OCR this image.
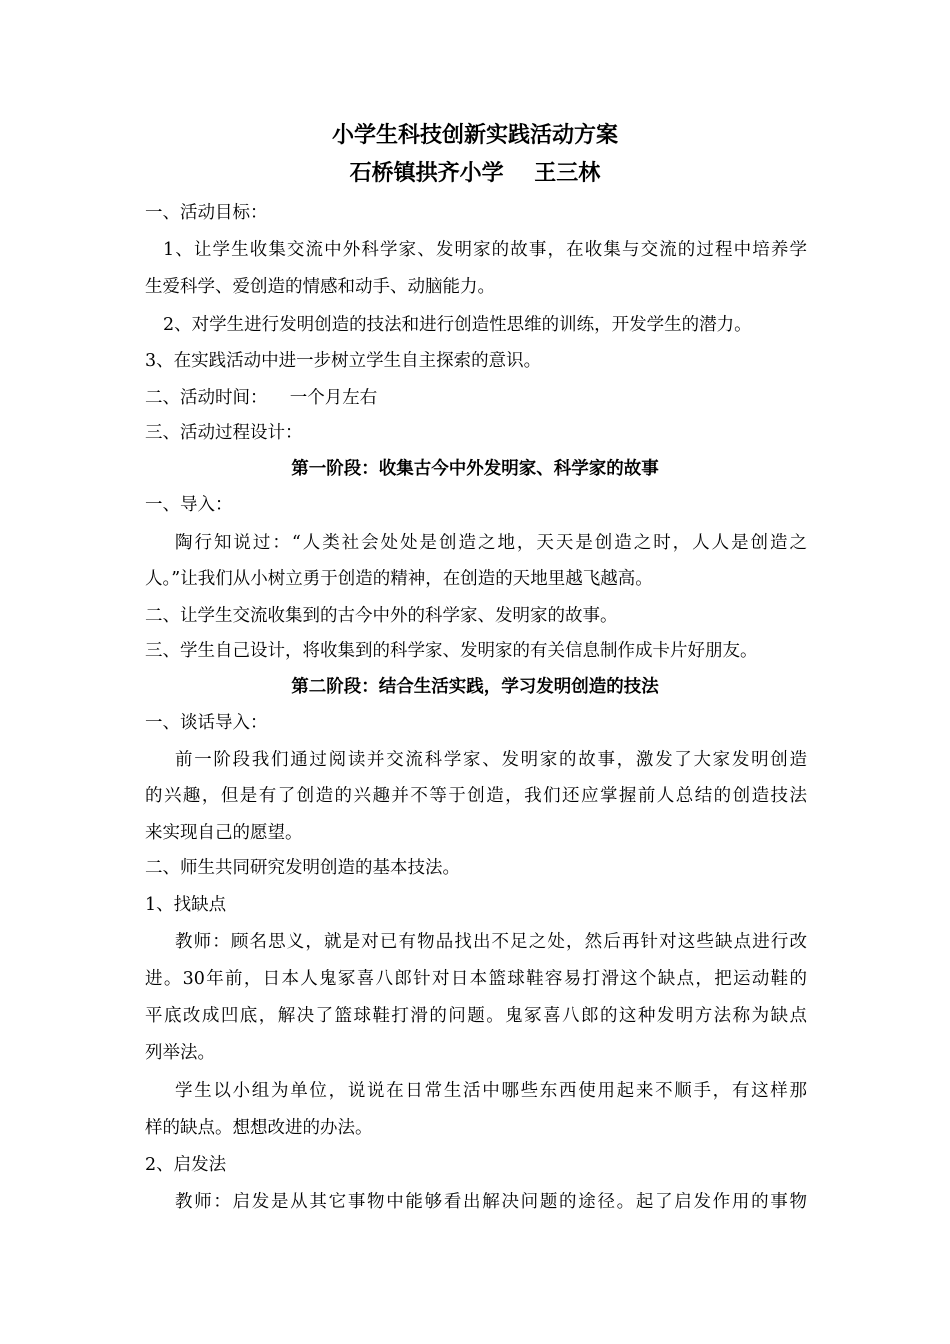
小学生科技创新实践活动方案
石桥镇拱齐小学    王三林
一、活动目标：
1、让学生收集交流中外科学家、发明家的故事，在收集与交流的过程中培养学
生爱科学、爱创造的情感和动手、动脑能力。
2、对学生进行发明创造的技法和进行创造性思维的训练，开发学生的潜力。
3、在实践活动中进一步树立学生自主探索的意识。
二、活动时间：    一个月左右
三、活动过程设计：
第一阶段：收集古今中外发明家、科学家的故事
一、导入：
陶行知说过：“人类社会处处是创造之地，天天是创造之时，人人是创造之
人。”让我们从小树立勇于创造的精神，在创造的天地里越飞越高。
二、让学生交流收集到的古今中外的科学家、发明家的故事。
三、学生自己设计，将收集到的科学家、发明家的有关信息制作成卡片好朋友。
第二阶段：结合生活实践，学习发明创造的技法
一、谈话导入：
前一阶段我们通过阅读并交流科学家、发明家的故事，激发了大家发明创造
的兴趣，但是有了创造的兴趣并不等于创造，我们还应掌握前人总结的创造技法
来实现自己的愿望。
二、师生共同研究发明创造的基本技法。
1、找缺点
教师：顾名思义，就是对已有物品找出不足之处，然后再针对这些缺点进行改
进。30年前，日本人鬼冢喜八郎针对日本篮球鞋容易打滑这个缺点，把运动鞋的
平底改成凹底，解决了篮球鞋打滑的问题。鬼冢喜八郎的这种发明方法称为缺点
列举法。
学生以小组为单位，说说在日常生活中哪些东西使用起来不顺手，有这样那
样的缺点。想想改进的办法。
2、启发法
教师：启发是从其它事物中能够看出解决问题的途径。起了启发作用的事物
